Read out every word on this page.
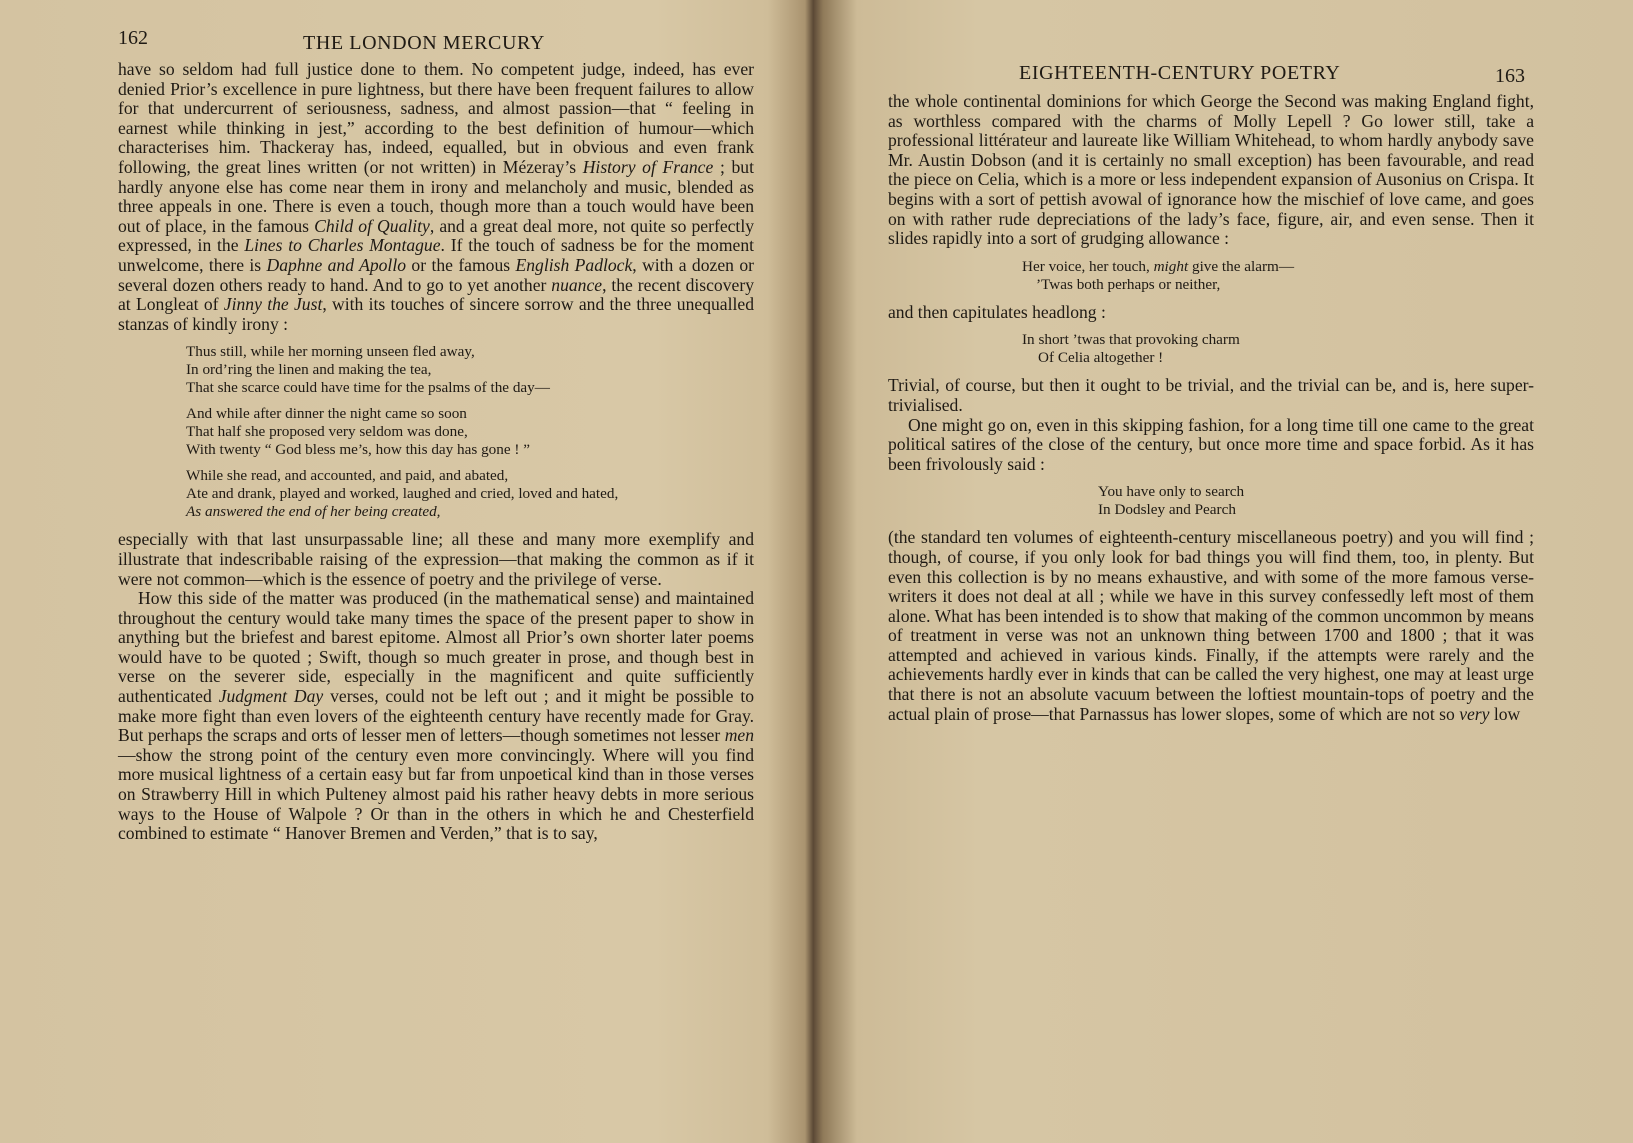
162	THE LONDON MERCURY

have so seldom had full justice done to them. No competent judge, indeed, has ever denied Prior’s excellence in pure lightness, but there have been frequent failures to allow for that undercurrent of seriousness, sadness, and almost passion—that “ feeling in earnest while thinking in jest,” according to the best definition of humour—which characterises him. Thackeray has, indeed, equalled, but in obvious and even frank following, the great lines written (or not written) in Mézeray’s History of France ; but hardly anyone else has come near them in irony and melancholy and music, blended as three appeals in one. There is even a touch, though more than a touch would have been out of place, in the famous Child of Quality, and a great deal more, not quite so perfectly expressed, in the Lines to Charles Montague. If the touch of sadness be for the moment unwelcome, there is Daphne and Apollo or the famous English Padlock, with a dozen or several dozen others ready to hand. And to go to yet another nuance, the recent discovery at Longleat of Jinny the Just, with its touches of sincere sorrow and the three unequalled stanzas of kindly irony :

Thus still, while her morning unseen fled away,
In ord’ring the linen and making the tea,
That she scarce could have time for the psalms of the day—
And while after dinner the night came so soon
That half she proposed very seldom was done,
With twenty “ God bless me’s, how this day has gone ! ”
While she read, and accounted, and paid, and abated,
Ate and drank, played and worked, laughed and cried, loved and hated,
As answered the end of her being created,

especially with that last unsurpassable line; all these and many more exemplify and illustrate that indescribable raising of the expression—that making the common as if it were not common—which is the essence of poetry and the privilege of verse.

How this side of the matter was produced (in the mathematical sense) and maintained throughout the century would take many times the space of the present paper to show in anything but the briefest and barest epitome. Almost all Prior’s own shorter later poems would have to be quoted ; Swift, though so much greater in prose, and though best in verse on the severer side, especially in the magnificent and quite sufficiently authenticated Judgment Day verses, could not be left out ; and it might be possible to make more fight than even lovers of the eighteenth century have recently made for Gray. But perhaps the scraps and orts of lesser men of letters—though sometimes not lesser men—show the strong point of the century even more convincingly. Where will you find more musical lightness of a certain easy but far from unpoetical kind than in those verses on Strawberry Hill in which Pulteney almost paid his rather heavy debts in more serious ways to the House of Walpole ? Or than in the others in which he and Chesterfield combined to estimate “ Hanover Bremen and Verden,” that is to say,

EIGHTEENTH-CENTURY POETRY	163

the whole continental dominions for which George the Second was making England fight, as worthless compared with the charms of Molly Lepell ? Go lower still, take a professional littérateur and laureate like William Whitehead, to whom hardly anybody save Mr. Austin Dobson (and it is certainly no small exception) has been favourable, and read the piece on Celia, which is a more or less independent expansion of Ausonius on Crispa. It begins with a sort of pettish avowal of ignorance how the mischief of love came, and goes on with rather rude depreciations of the lady’s face, figure, air, and even sense. Then it slides rapidly into a sort of grudging allowance :

Her voice, her touch, might give the alarm—
’Twas both perhaps or neither,

and then capitulates headlong :

In short ’twas that provoking charm
Of Celia altogether !

Trivial, of course, but then it ought to be trivial, and the trivial can be, and is, here super-trivialised.

One might go on, even in this skipping fashion, for a long time till one came to the great political satires of the close of the century, but once more time and space forbid. As it has been frivolously said :

You have only to search
In Dodsley and Pearch

(the standard ten volumes of eighteenth-century miscellaneous poetry) and you will find ; though, of course, if you only look for bad things you will find them, too, in plenty. But even this collection is by no means exhaustive, and with some of the more famous verse-writers it does not deal at all ; while we have in this survey confessedly left most of them alone. What has been intended is to show that making of the common uncommon by means of treatment in verse was not an unknown thing between 1700 and 1800 ; that it was attempted and achieved in various kinds. Finally, if the attempts were rarely and the achievements hardly ever in kinds that can be called the very highest, one may at least urge that there is not an absolute vacuum between the loftiest mountain-tops of poetry and the actual plain of prose—that Parnassus has lower slopes, some of which are not so very low
